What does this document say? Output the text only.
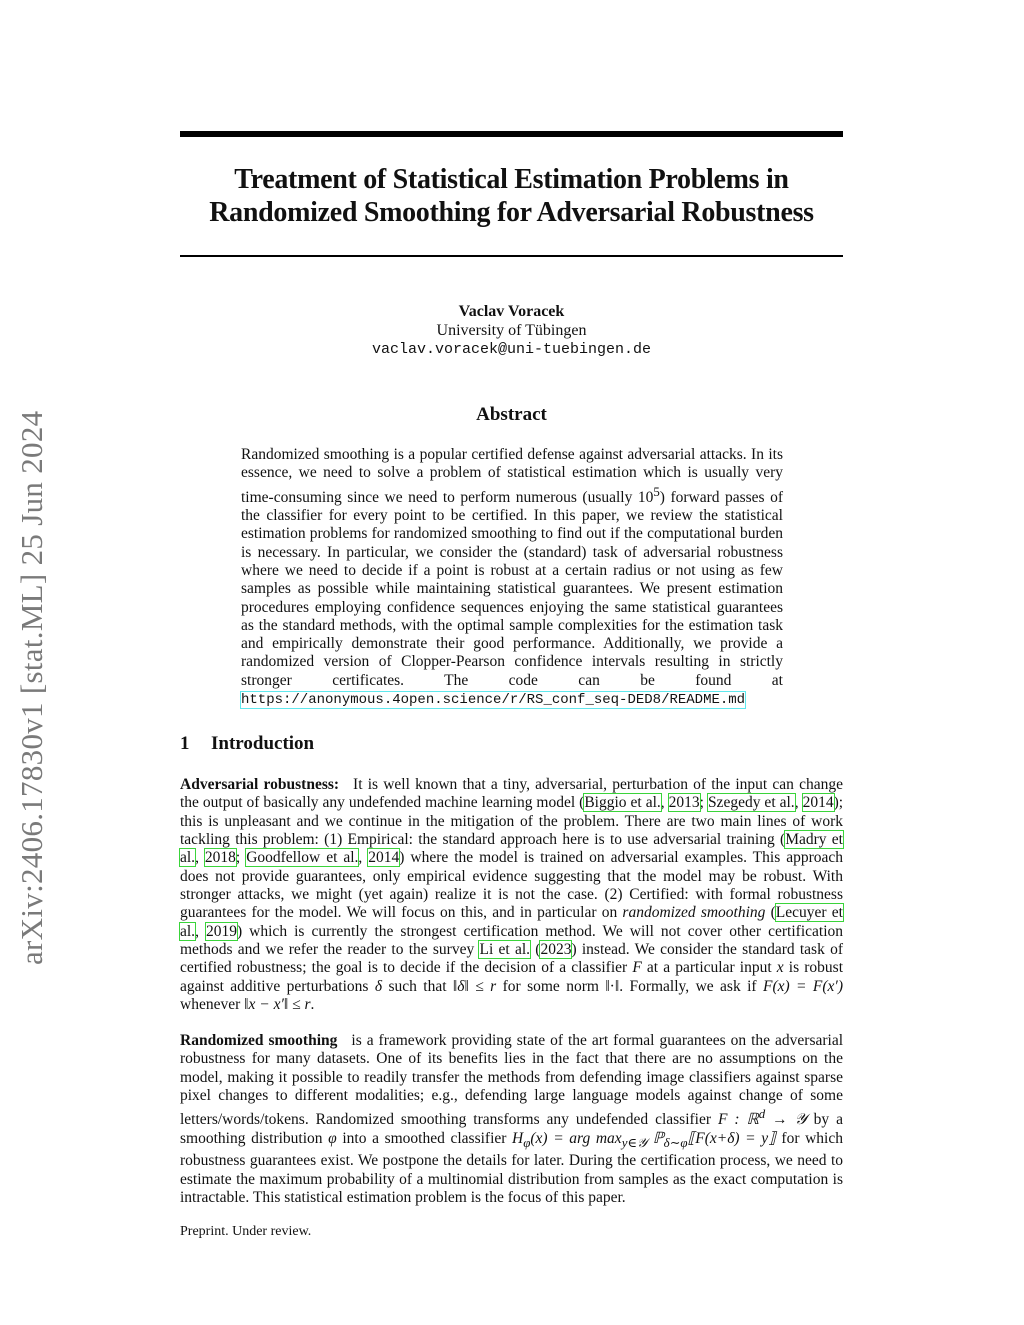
arXiv:2406.17830v1 [stat.ML] 25 Jun 2024
Treatment of Statistical Estimation Problems in
Randomized Smoothing for Adversarial Robustness
Vaclav Voracek
University of Tübingen
vaclav.voracek@uni-tuebingen.de
Abstract

Randomized smoothing is a popular certified defense against adversarial attacks. In its essence, we need to solve a problem of statistical estimation which is usually very time-consuming since we need to perform numerous (usually $10^5$) forward passes of the classifier for every point to be certified. In this paper, we review the statistical estimation problems for randomized smoothing to find out if the computational burden is necessary. In particular, we consider the (standard) task of adversarial robustness where we need to decide if a point is robust at a certain radius or not using as few samples as possible while maintaining statistical guarantees. We present estimation procedures employing confidence sequences enjoying the same statistical guarantees as the standard methods, with the optimal sample complexities for the estimation task and empirically demonstrate their good performance. Additionally, we provide a randomized version of Clopper-Pearson confidence intervals resulting in strictly stronger certificates. The code can be found at https://anonymous.4open.science/r/RS_conf_seq-DED8/README.md

1 Introduction

Adversarial robustness: It is well known that a tiny, adversarial, perturbation of the input can change the output of basically any undefended machine learning model (Biggio et al., 2013; Szegedy et al., 2014); this is unpleasant and we continue in the mitigation of the problem. There are two main lines of work tackling this problem: (1) Empirical: the standard approach here is to use adversarial training (Madry et al., 2018; Goodfellow et al., 2014) where the model is trained on adversarial examples. This approach does not provide guarantees, only empirical evidence suggesting that the model may be robust. With stronger attacks, we might (yet again) realize it is not the case. (2) Certified: with formal robustness guarantees for the model. We will focus on this, and in particular on randomized smoothing (Lecuyer et al., 2019) which is currently the strongest certification method. We will not cover other certification methods and we refer the reader to the survey Li et al. (2023) instead. We consider the standard task of certified robustness; the goal is to decide if the decision of a classifier F at a particular input x is robust against additive perturbations δ such that ‖δ‖ ≤ r for some norm ‖·‖. Formally, we ask if F(x) = F(x′) whenever ‖x − x′‖ ≤ r.

Randomized smoothing is a framework providing state of the art formal guarantees on the adversarial robustness for many datasets. One of its benefits lies in the fact that there are no assumptions on the model, making it possible to readily transfer the methods from defending image classifiers against sparse pixel changes to different modalities; e.g., defending large language models against change of some letters/words/tokens. Randomized smoothing transforms any undefended classifier F : ℝ$^d$ → 𝒴 by a smoothing distribution φ into a smoothed classifier $H_\varphi(x)$ = arg $\max_{y\in 𝒴}$ ℙ$_{\delta\sim\varphi}$⟦F(x+δ) = y⟧ for which robustness guarantees exist. We postpone the details for later. During the certification process, we need to estimate the maximum probability of a multinomial distribution from samples as the exact computation is intractable. This statistical estimation problem is the focus of this paper.

Preprint. Under review.
